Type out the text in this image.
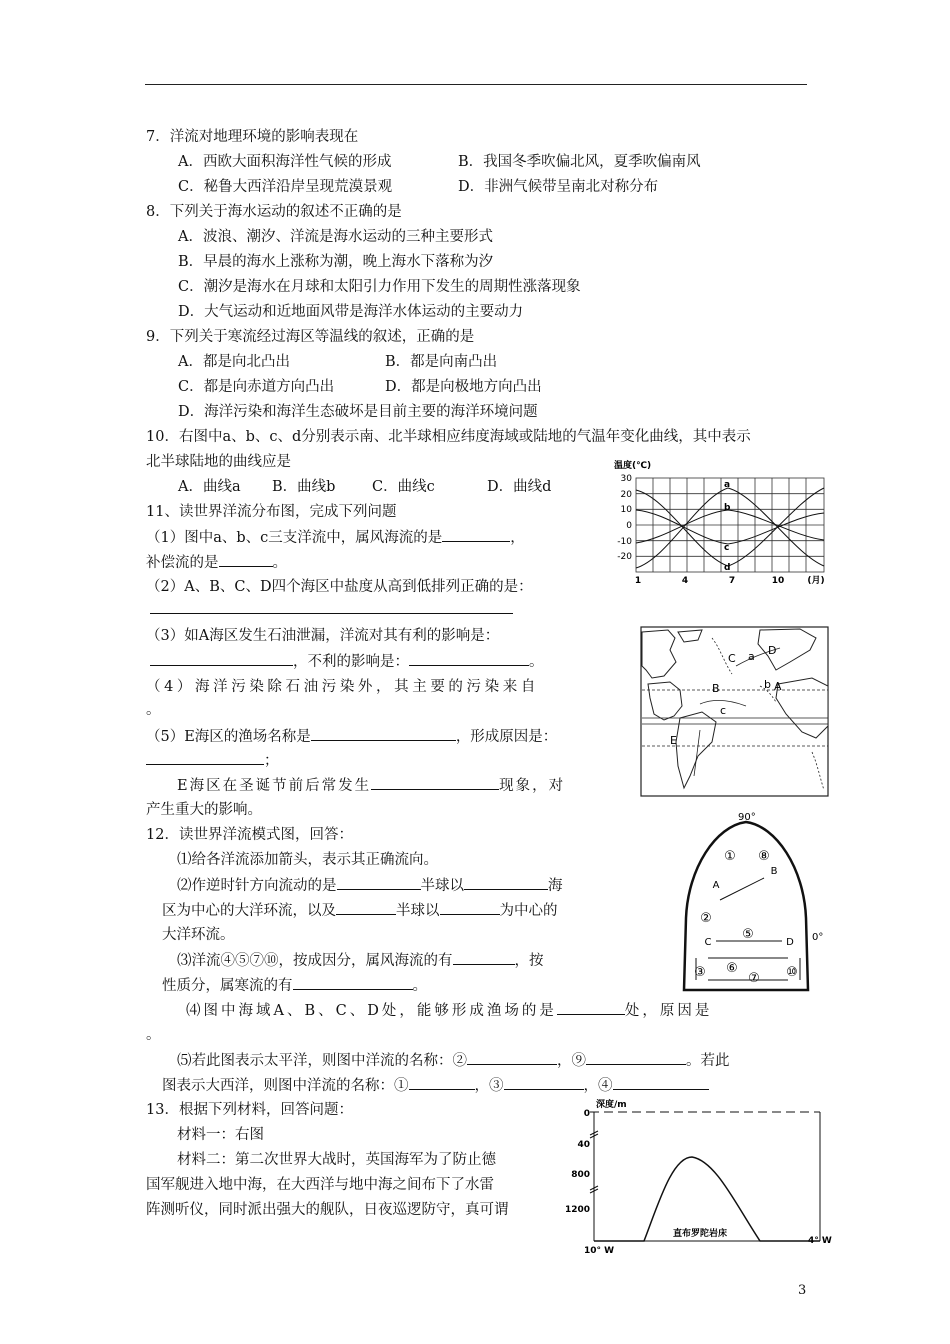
7．洋流对地理环境的影响表现在
A．西欧大面积海洋性气候的形成	B．我国冬季吹偏北风，夏季吹偏南风
C．秘鲁大西洋沿岸呈现荒漠景观	D．非洲气候带呈南北对称分布
8．下列关于海水运动的叙述不正确的是
A．波浪、潮汐、洋流是海水运动的三种主要形式
B．早晨的海水上涨称为潮，晚上海水下落称为汐
C．潮汐是海水在月球和太阳引力作用下发生的周期性涨落现象
D．大气运动和近地面风带是海洋水体运动的主要动力
9．下列关于寒流经过海区等温线的叙述，正确的是
A．都是向北凸出	B．都是向南凸出
C．都是向赤道方向凸出	D．都是向极地方向凸出
D．海洋污染和海洋生态破坏是目前主要的海洋环境问题
10．右图中a、b、c、d分别表示南、北半球相应纬度海域或陆地的气温年变化曲线，其中表示
北半球陆地的曲线应是
A．曲线a B．曲线b	C．曲线c	D．曲线d
11、读世界洋流分布图，完成下列问题
（1）图中a、b、c三支洋流中，属风海流的是	，
补偿流的是	。
（2）A、B、C、D四个海区中盐度从高到低排列正确的是：
（3）如A海区发生石油泄漏，洋流对其有利的影响是：
，不利的影响是：	。
（4）海洋污染除石油污染外，其主要的污染来自
。
（5）E海区的渔场名称是	，形成原因是：
；
E海区在圣诞节前后常发生	现象，对
产生重大的影响。
12．读世界洋流模式图，回答：
⑴给各洋流添加箭头，表示其正确流向。
⑵作逆时针方向流动的是	半球以	海
区为中心的大洋环流，以及	半球以	为中心的
大洋环流。
⑶洋流④⑤⑦⑩，按成因分，属风海流的有	，按
性质分，属寒流的有	。
⑷图中海域A、B、C、D处，能够形成渔场的是	处，原因是
。
⑸若此图表示太平洋，则图中洋流的名称：②	，⑨	。若此
图表示大西洋，则图中洋流的名称：①	，③	，④
13．根据下列材料，回答问题：
材料一：右图
材料二：第二次世界大战时，英国海军为了防止德
国军舰进入地中海，在大西洋与地中海之间布下了水雷
阵测听仪，同时派出强大的舰队，日夜巡逻防守，真可谓
温度(℃)
30
20
10
0
-10
-20
1	4	7	10	(月)
a
b
c
d
C a D
B	b A
c
E
90°
0°
① ⑧
②
⑤
③ ⑥
⑦ ⑩
A
B
C	D
深度/m
0
40
800
1200
直布罗陀岩床
10° W
4° W
3
